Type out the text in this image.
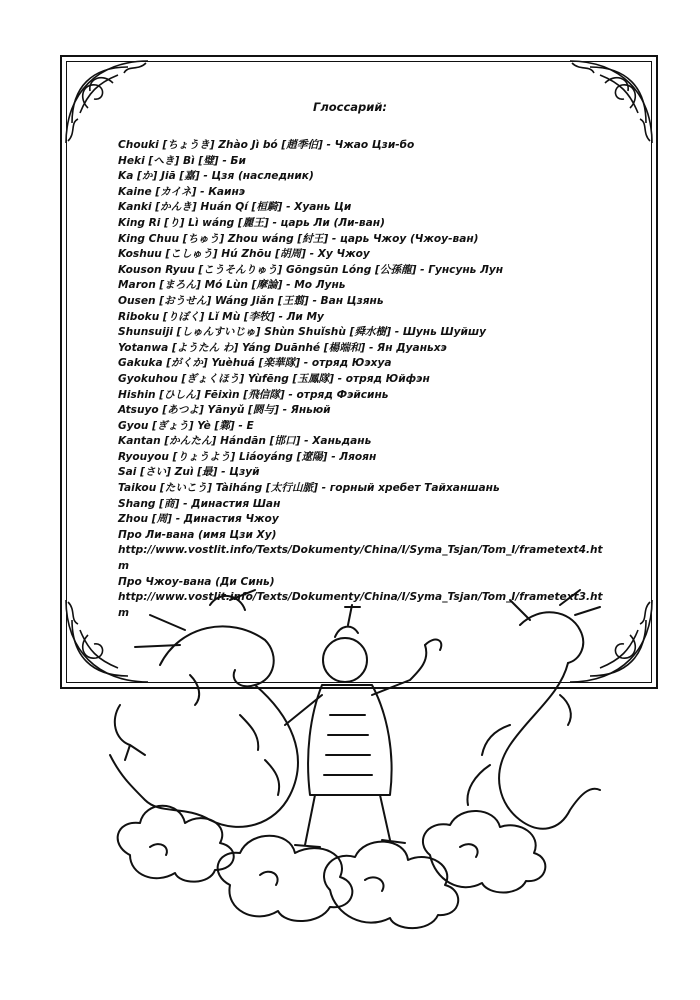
Глоссарий:
Chouki [ちょうき] Zhào Jì bó [趙季伯] - Чжао Цзи-бо
Heki [へき] Bì [璧] - Би
Ka [か] Jiā [嘉] - Цзя (наследник)
Kaine [カイネ] - Каинэ
Kanki [かんき] Huán Qí [桓騎] - Хуань Ци
King Ri [り] Lì wáng [麗王] - царь Ли (Ли-ван)
King Chuu [ちゅう] Zhou wáng [紂王] - царь Чжоу (Чжоу-ван)
Koshuu [こしゅう] Hú Zhōu [胡周] - Ху Чжоу
Kouson Ryuu [こうそんりゅう] Gōngsūn Lóng [公孫龍] - Гунсунь Лун
Maron [まろん] Mó Lùn [摩論] - Мо Лунь
Ousen [おうせん] Wáng Jiǎn [王翦] - Ван Цзянь
Riboku [りぼく] Lǐ Mù [李牧] - Ли Му
Shunsuiji [しゅんすいじゅ] Shùn Shuǐshù [舜水樹] - Шунь Шуйшу
Yotanwa [ようたん わ] Yáng Duānhé [楊端和] - Ян Дуаньхэ
Gakuka [がくか] Yuèhuá [楽華隊] - отряд Юэхуа
Gyokuhou [ぎょくほう] Yùfēng [玉鳳隊] - отряд Юйфэн
Hishin [ひしん] Fēixìn [飛信隊] - отряд Фэйсинь
Atsuyo [あつよ] Yānyǔ [閼与] - Яньюй
Gyou [ぎょう] Yè [鄴] - Е
Kantan [かんたん] Hándān [邯口] - Ханьдань
Ryouyou [りょうよう] Liáoyáng [遼陽] - Ляоян
Sai [さい] Zuì [最] - Цзуй
Taikou [たいこう] Tàiháng [太行山脈] - горный хребет Тайханшань
Shang [商] - Династия Шан
Zhou [周] - Династия Чжоу
Про Ли-вана (имя Цзи Ху)
http://www.vostlit.info/Texts/Dokumenty/China/I/Syma_Tsjan/Tom_I/frametext4.htm
Про Чжоу-вана (Ди Синь)
http://www.vostlit.info/Texts/Dokumenty/China/I/Syma_Tsjan/Tom_I/frametext3.htm
